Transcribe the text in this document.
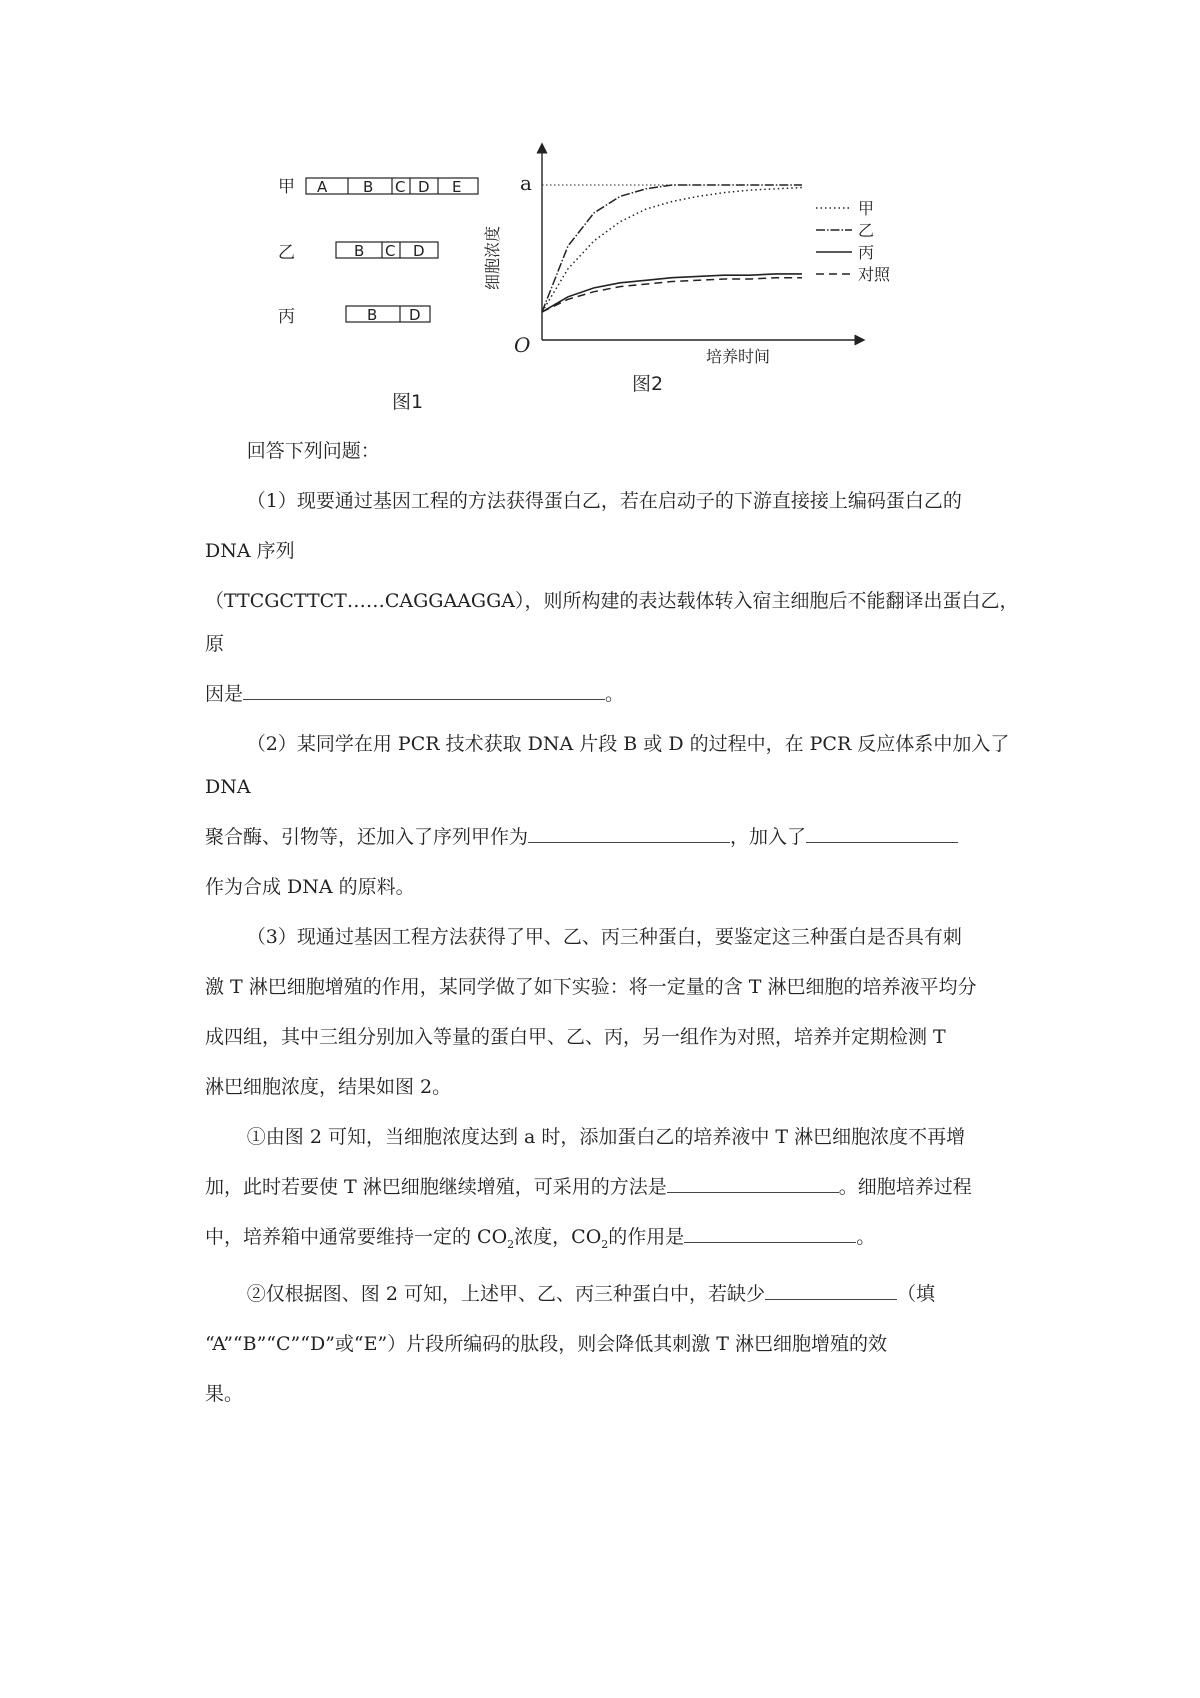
甲 A B C D E
乙	B C D
丙	B D
图1
a
O
细胞浓度
培养时间
甲
乙
丙
对照
图2

回答下列问题：

（1）现要通过基因工程的方法获得蛋白乙，若在启动子的下游直接接上编码蛋白乙的

DNA 序列

（TTCGCTTCT……CAGGAAGGA），则所构建的表达载体转入宿主细胞后不能翻译出蛋白乙，原

因是	。

（2）某同学在用 PCR 技术获取 DNA 片段 B 或 D 的过程中，在 PCR 反应体系中加入了 DNA

聚合酶、引物等，还加入了序列甲作为	，加入了

作为合成 DNA 的原料。

（3）现通过基因工程方法获得了甲、乙、丙三种蛋白，要鉴定这三种蛋白是否具有刺

激 T 淋巴细胞增殖的作用，某同学做了如下实验：将一定量的含 T 淋巴细胞的培养液平均分

成四组，其中三组分别加入等量的蛋白甲、乙、丙，另一组作为对照，培养并定期检测 T

淋巴细胞浓度，结果如图 2。

①由图 2 可知，当细胞浓度达到 a 时，添加蛋白乙的培养液中 T 淋巴细胞浓度不再增

加，此时若要使 T 淋巴细胞继续增殖，可采用的方法是	。细胞培养过程

中，培养箱中通常要维持一定的 $CO_2$浓度，$CO_2$的作用是	。

②仅根据图、图 2 可知，上述甲、乙、丙三种蛋白中，若缺少	（填

“A”“B”“C”“D”或“E”）片段所编码的肽段，则会降低其刺激 T 淋巴细胞增殖的效

果。
